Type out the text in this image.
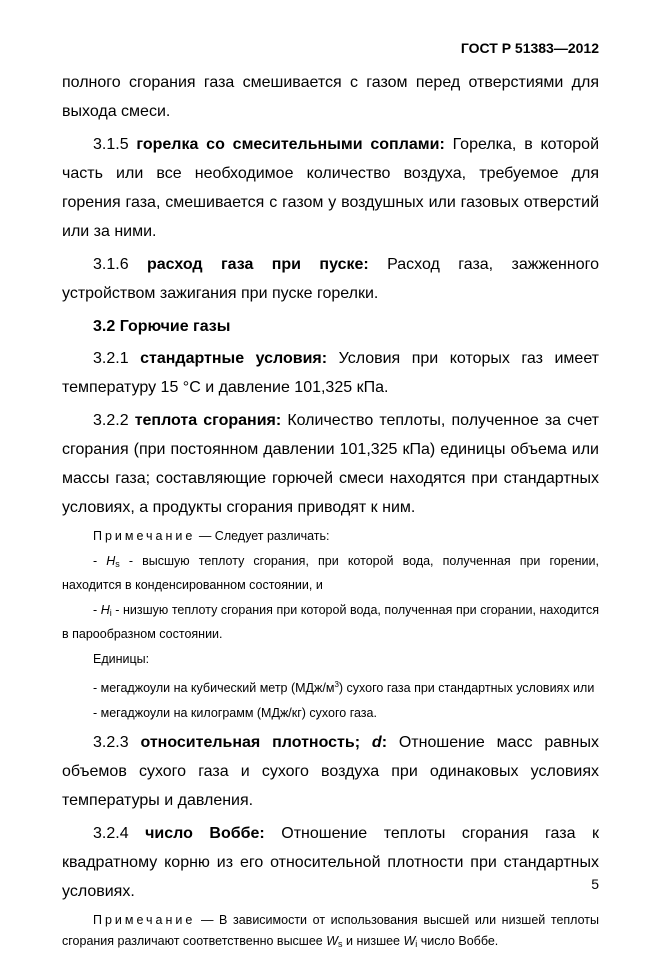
ГОСТ Р 51383—2012

полного сгорания газа смешивается с газом перед отверстиями для выхода смеси.

3.1.5 горелка со смесительными соплами: Горелка, в которой часть или все необходимое количество воздуха, требуемое для горения газа, смешивается с газом у воздушных или газовых отверстий или за ними.

3.1.6 расход газа при пуске: Расход газа, зажженного устройством зажигания при пуске горелки.

3.2 Горючие газы

3.2.1 стандартные условия: Условия при которых газ имеет температуру 15 °С и давление 101,325 кПа.

3.2.2 теплота сгорания: Количество теплоты, полученное за счет сгорания (при постоянном давлении 101,325 кПа) единицы объема или массы газа; составляющие горючей смеси находятся при стандартных условиях, а продукты сгорания приводят к ним.

Примечание — Следует различать:

- $H_s$ - высшую теплоту сгорания, при которой вода, полученная при горении, находится в конденсированном состоянии, и

- $H_i$ - низшую теплоту сгорания при которой вода, полученная при сгорании, находится в парообразном состоянии.

Единицы:

- мегаджоули на кубический метр $(МДж/м^3)$ сухого газа при стандартных условиях или

- мегаджоули на килограмм (МДж/кг) сухого газа.

3.2.3 относительная плотность; d: Отношение масс равных объемов сухого газа и сухого воздуха при одинаковых условиях температуры и давления.

3.2.4 число Воббе: Отношение теплоты сгорания газа к квадратному корню из его относительной плотности при стандартных условиях.

Примечание — В зависимости от использования высшей или низшей теплоты сгорания различают соответственно высшее $W_s$ и низшее $W_i$ число Воббе.

5
